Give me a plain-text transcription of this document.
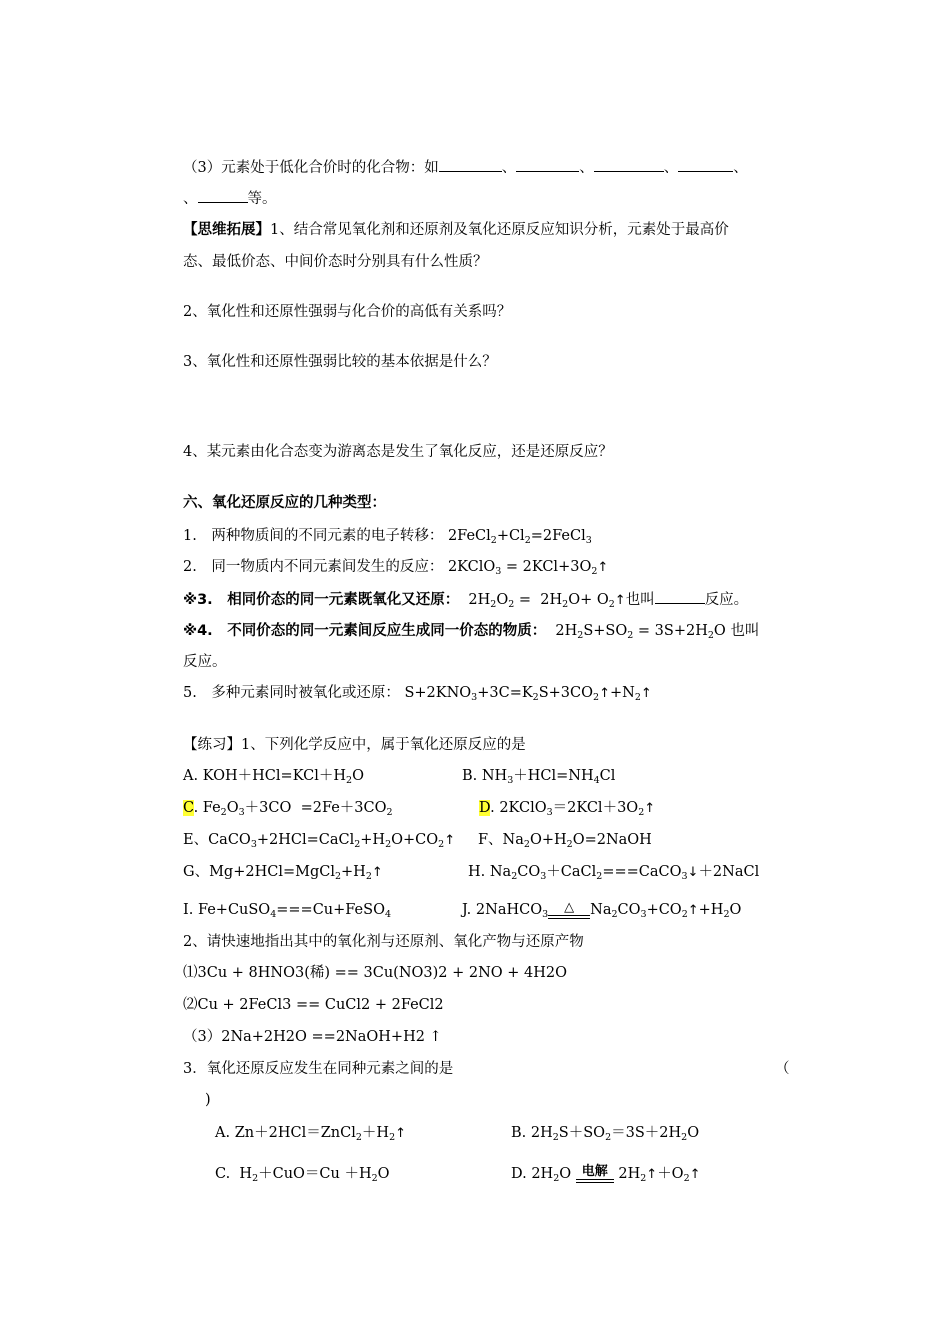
（3）元素处于低化合价时的化合物：如	、	、	、	、
、	等。
【思维拓展】1、结合常见氧化剂和还原剂及氧化还原反应知识分析，元素处于最高价
态、最低价态、中间价态时分别具有什么性质？
2、氧化性和还原性强弱与化合价的高低有关系吗？
3、氧化性和还原性强弱比较的基本依据是什么？
4、某元素由化合态变为游离态是发生了氧化反应，还是还原反应？
六、氧化还原反应的几种类型：
1.　两种物质间的不同元素的电子转移： $2FeCl_2+Cl_2=2FeCl_3$
2.　同一物质内不同元素间发生的反应： 2KClO$_3$ = $2KCl+3O_2↑$
※3.　相同价态的同一元素既氧化又还原：  $2H_2O_2 = 2H_2O+$ $O_2↑$也叫	反应。
※4.　不同价态的同一元素间反应生成同一价态的物质：  $2H_2S+SO_2 = 3S+2H_2O$ 也叫
反应。
5.　多种元素同时被氧化或还原： $S+2KNO_3+3C=K_2S+3CO_2↑+N_2↑$
【练习】1、下列化学反应中，属于氧化还原反应的是
A. $KOH+HCl=KCl+H_2O$	B. $NH_3+HCl=NH_4Cl$
C. $Fe_2O_3+3CO =2Fe+3CO_2$	D. $2KClO_3=2KCl+3O_2↑$
E、$CaCO_3+2HCl=CaCl_2+H_2O+CO_2↑$ F、$Na_2O+H_2O=2NaOH$
G、$Mg+2HCl=MgCl_2+H_2↑$	H. $Na_2CO_3+CaCl_2===CaCO_3↓+2NaCl$
I. Fe+CuSO$_4$===Cu+FeSO$_4$	J. 2NaHCO$_3$	△	$Na_2CO_3+CO_2↑+H_2O$
2、请快速地指出其中的氧化剂与还原剂、氧化产物与还原产物
⑴3Cu + 8HNO3(稀) == 3Cu(NO3)2 + 2NO + 4H2O
⑵Cu + 2FeCl3 == CuCl2 + 2FeCl2
（3）2Na+2H2O ==2NaOH+H2 ↑
3．氧化还原反应发生在同种元素之间的是	（
)
A. $Zn+2HCl=ZnCl_2+H_2↑$	B. $2H_2S+SO_2=3S+2H_2O$
C.  $H_2+CuO=Cu +H_2O$	D. $2H_2O$ 电解 $2H_2↑+O_2↑$
